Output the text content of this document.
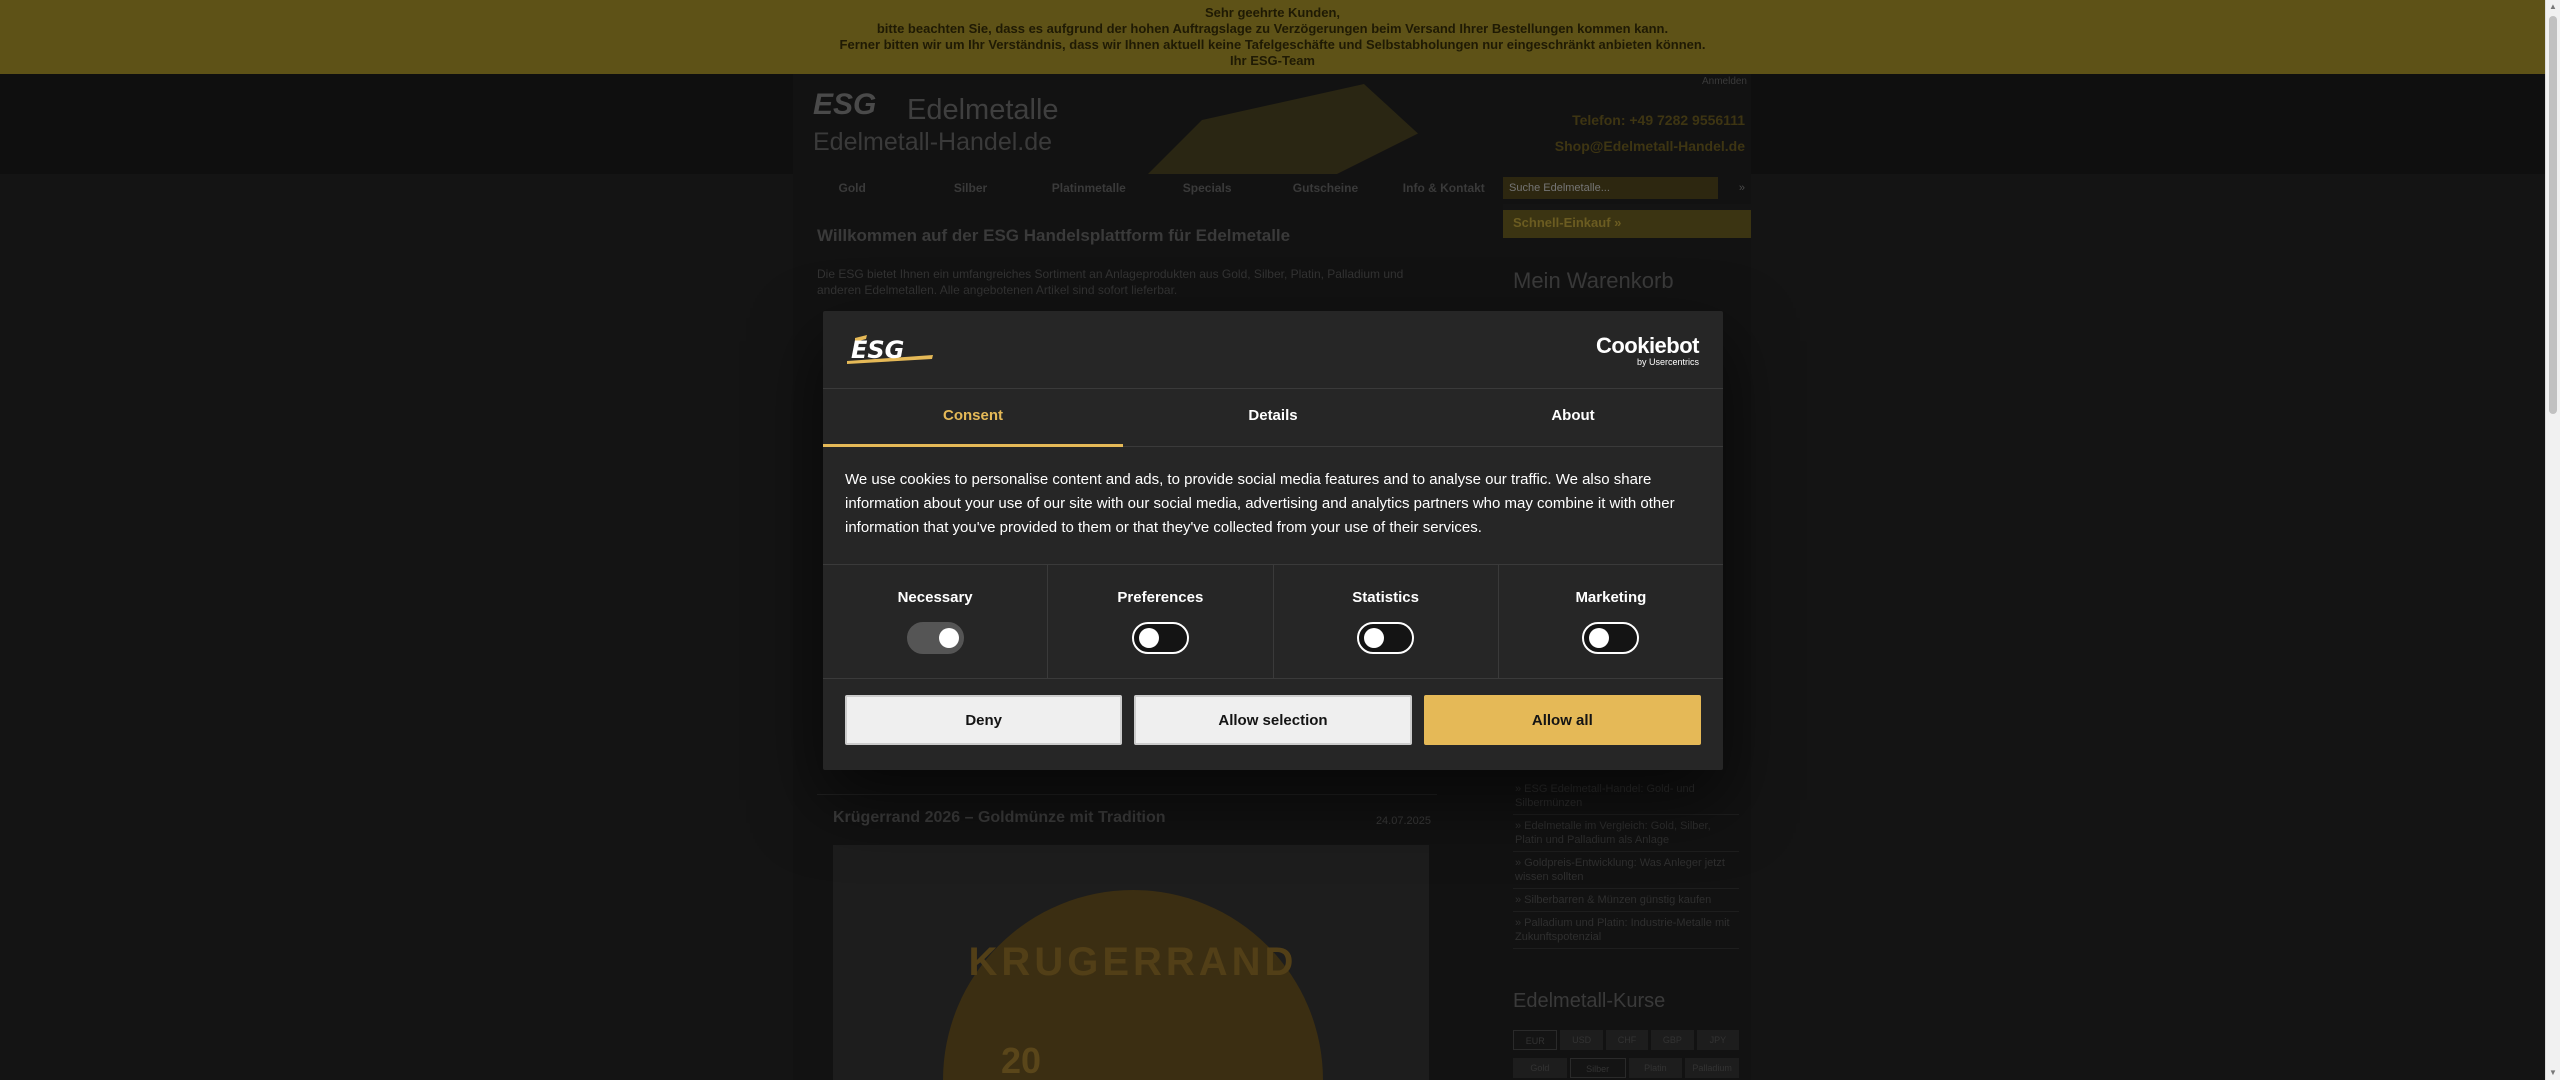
Sehr geehrte Kunden,
bitte beachten Sie, dass es aufgrund der hohen Auftragslage zu Verzögerungen beim Versand Ihrer Bestellungen kommen kann.
Ferner bitten wir um Ihr Verständnis, dass wir Ihnen aktuell keine Tafelgeschäfte und Selbstabholungen nur eingeschränkt anbieten können.
Ihr ESG-Team
ESG Edelmetalle
Edelmetall-Handel.de
Anmelden
Telefon: +49 7282 9556111
Shop@Edelmetall-Handel.de
Gold	Silber	Platinmetalle	Specials	Gutscheine	Info & Kontakt
Suche Edelmetalle...	»
Schnell-Einkauf »
Willkommen auf der ESG Handelsplattform für Edelmetalle
Die ESG bietet Ihnen ein umfangreiches Sortiment an Anlageprodukten aus Gold, Silber, Platin, Palladium und anderen Edelmetallen. Alle angebotenen Artikel sind sofort lieferbar.
Krügerrand 2026 – Goldmünze mit Tradition	24.07.2025
KRUGERRAND
20
Mein Warenkorb
» ESG Edelmetall-Handel: Gold- und Silbermünzen
» Edelmetalle im Vergleich: Gold, Silber, Platin und Palladium als Anlage
» Goldpreis-Entwicklung: Was Anleger jetzt wissen sollten
» Silberbarren & Münzen günstig kaufen
» Palladium und Platin: Industrie-Metalle mit Zukunftspotenzial
Edelmetall-Kurse
EUR	USD	CHF	GBP	JPY
Gold	Silber	Platin	Palladium
▲
▼
ESG	Cookiebot
by Usercentrics
Consent	Details	About
We use cookies to personalise content and ads, to provide social media features and to analyse our traffic. We also share information about your use of our site with our social media, advertising and analytics partners who may combine it with other information that you've provided to them or that they've collected from your use of their services.
Necessary	Preferences	Statistics	Marketing
Deny	Allow selection	Allow all
